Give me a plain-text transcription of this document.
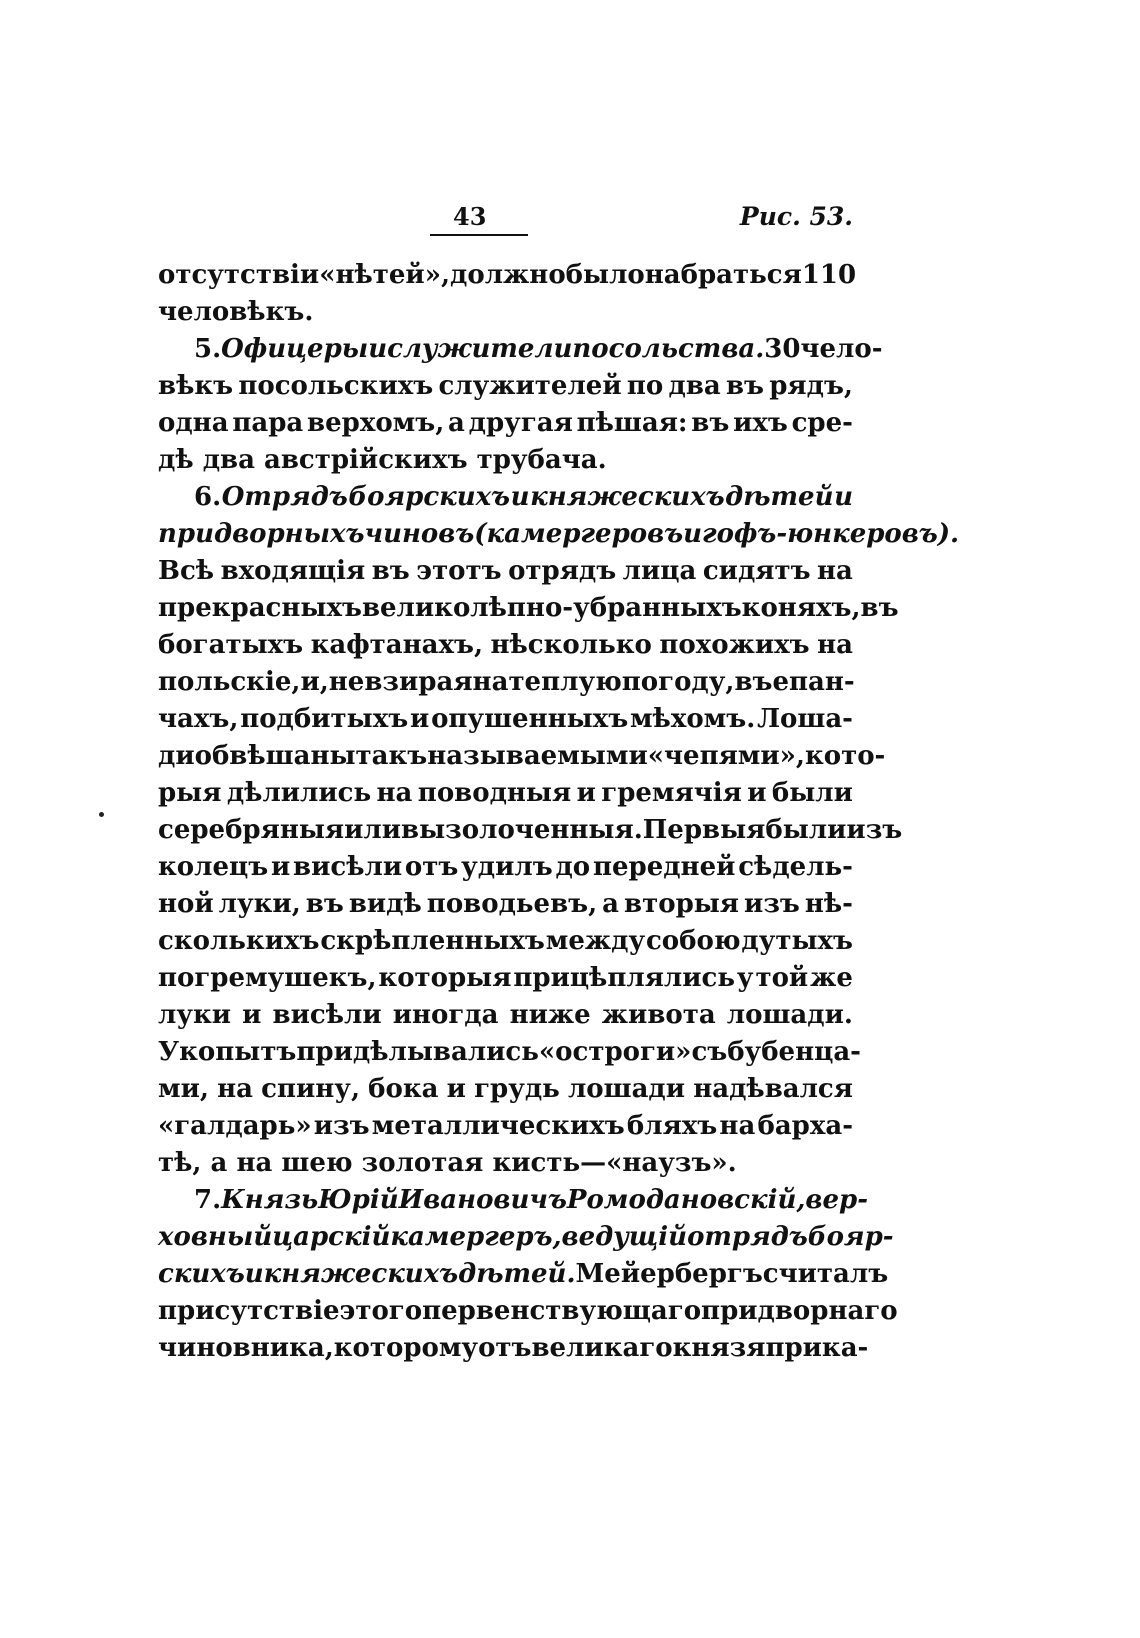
43	Рис. 53.
отсутствіи «нѣтей», должно было набраться 110
человѣкъ.
5. Офицеры и служители посольства. 30 чело-
вѣкъ посольскихъ служителей по два въ рядъ,
одна пара верхомъ, а другая пѣшая: въ ихъ сре-
дѣ
два
австрійскихъ
трубача.
6. Отрядъ боярскихъ и княжескихъ дѣтей и
придворныхъ чиновъ (камергеровъ и гофъ-юнкеровъ).
Всѣ входящія въ этотъ отрядъ лица сидятъ на
прекрасныхъ великолѣпно-убранныхъ коняхъ, въ
богатыхъ кафтанахъ, нѣсколько похожихъ на
польскіе, и, не взирая на теплую погоду, въ епан-
чахъ, подбитыхъ и опушенныхъ мѣхомъ. Лоша-
ди обвѣшаны такъ называемыми «чепями», кото-
рыя дѣлились на поводныя и гремячія и были
серебряныя или вызолоченныя. Первыя были изъ
колецъ и висѣли отъ удилъ до передней сѣдель-
ной луки, въ видѣ поводьевъ, а вторыя изъ нѣ-
сколькихъ скрѣпленныхъ между собою дутыхъ
погремушекъ, которыя прицѣплялись у той же
луки и висѣли иногда ниже живота лошади.
У копытъ придѣлывались «остроги» съ бубенца-
ми, на спину, бока и грудь лошади надѣвался
«галдарь» изъ металлическихъ бляхъ на барха-
тѣ,
а
на
шею
золотая
кисть—«наузъ».
7. Князь Юрій Ивановичъ Ромодановскій, вер-
ховный царскій камергеръ, ведущій отрядъ бояр-
скихъ и княжескихъ дѣтей. Мейербергъ считалъ
присутствіе этого первенствующаго придворнаго
чиновника, которому отъ великаго князя прика-
